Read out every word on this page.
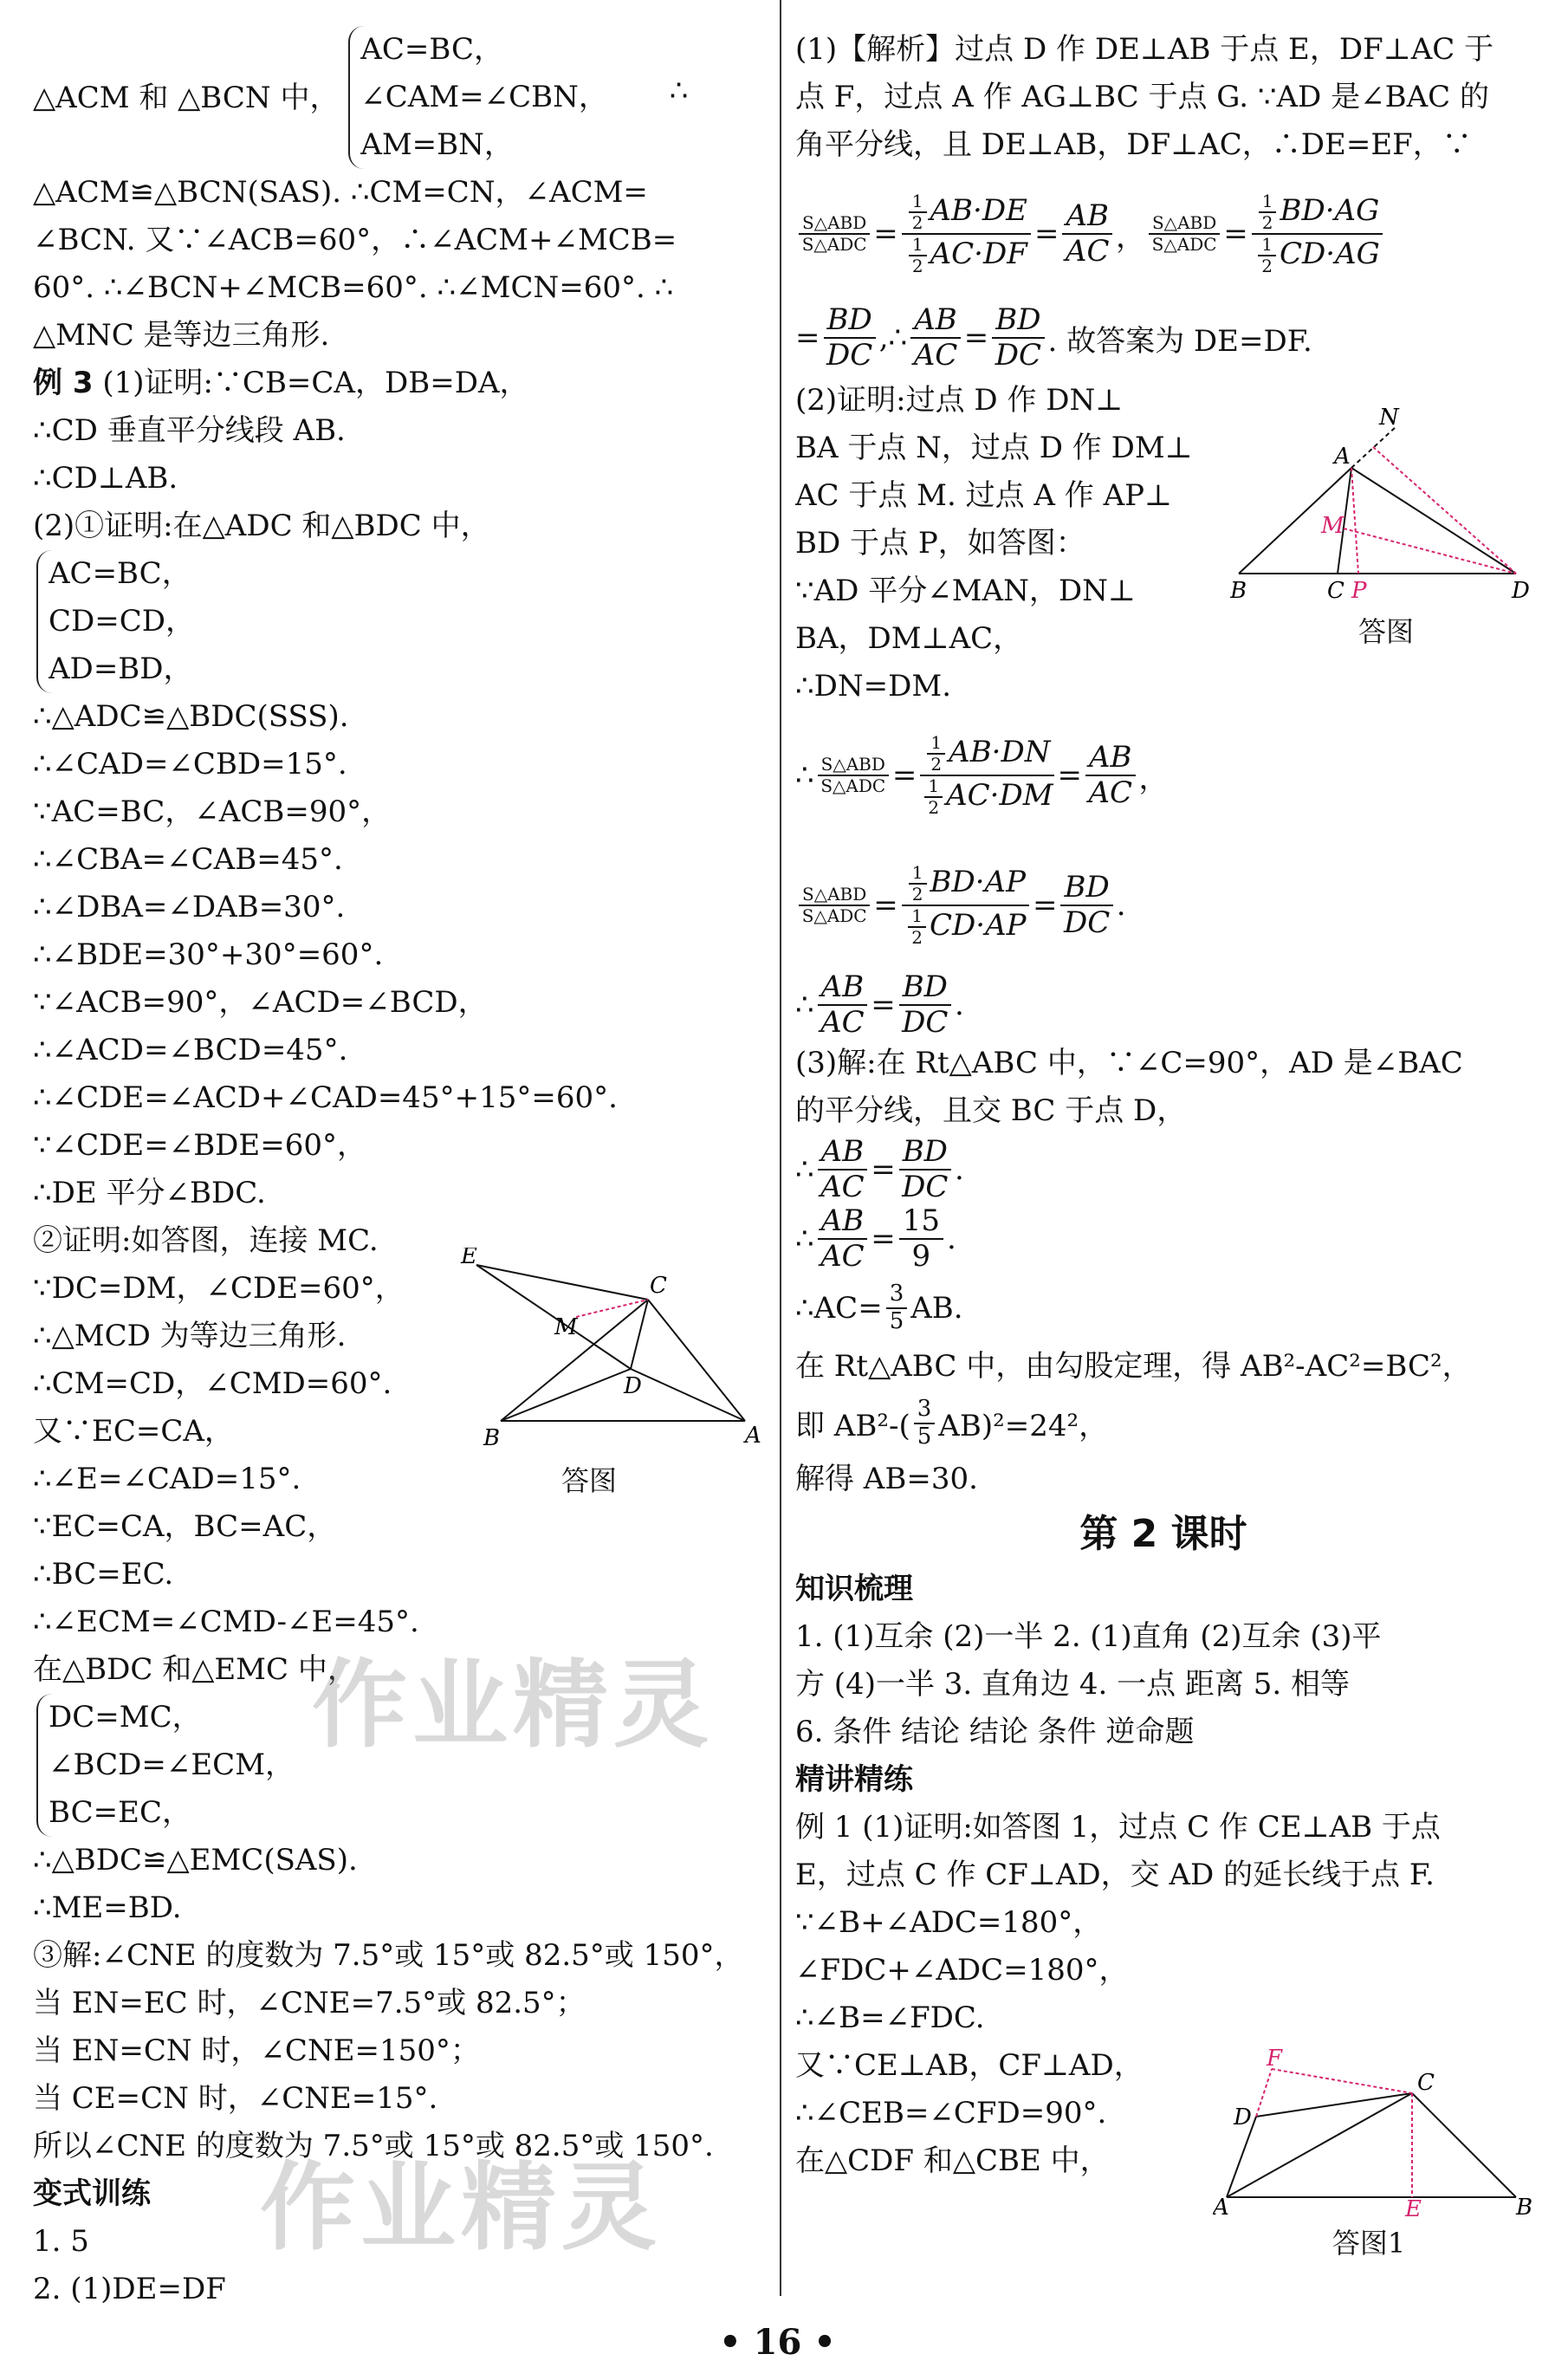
△ACM 和 △BCN 中，
AC=BC，
∠CAM=∠CBN，
AM=BN，
∴
△ACM≌△BCN(SAS). ∴CM=CN，∠ACM=
∠BCN. 又∵∠ACB=60°，∴∠ACM+∠MCB=
60°. ∴∠BCN+∠MCB=60°. ∴∠MCN=60°. ∴
△MNC 是等边三角形.
例 3 (1)证明:∵CB=CA，DB=DA，
∴CD 垂直平分线段 AB.
∴CD⊥AB.
(2)①证明:在△ADC 和△BDC 中，
AC=BC，
CD=CD，
AD=BD，
∴△ADC≌△BDC(SSS).
∴∠CAD=∠CBD=15°.
∵AC=BC，∠ACB=90°，
∴∠CBA=∠CAB=45°.
∴∠DBA=∠DAB=30°.
∴∠BDE=30°+30°=60°.
∵∠ACB=90°，∠ACD=∠BCD，
∴∠ACD=∠BCD=45°.
∴∠CDE=∠ACD+∠CAD=45°+15°=60°.
∵∠CDE=∠BDE=60°，
∴DE 平分∠BDC.
②证明:如答图，连接 MC.
∵DC=DM，∠CDE=60°，
∴△MCD 为等边三角形.
∴CM=CD，∠CMD=60°.
又∵EC=CA，
∴∠E=∠CAD=15°.
∵EC=CA，BC=AC，
∴BC=EC.
∴∠ECM=∠CMD-∠E=45°.
在△BDC 和△EMC 中，
DC=MC，
∠BCD=∠ECM，
BC=EC，
∴△BDC≌△EMC(SAS).
∴ME=BD.
③解:∠CNE 的度数为 7.5°或 15°或 82.5°或 150°，
当 EN=EC 时，∠CNE=7.5°或 82.5°；
当 EN=CN 时，∠CNE=150°；
当 CE=CN 时，∠CNE=15°.
所以∠CNE 的度数为 7.5°或 15°或 82.5°或 150°.
变式训练
1. 5
2. (1)DE=DF
E
C
M
D
B	A
答图
(1)【解析】过点 D 作 DE⊥AB 于点 E，DF⊥AC 于
点 F，过点 A 作 AG⊥BC 于点 G. ∵AD 是∠BAC 的
角平分线，且 DE⊥AB，DF⊥AC，∴DE=EF，∵
$\frac{\text{S△ABD}}{\text{S△ADC}} = \frac{\frac{1}{2} AB\cdot DE}{\frac{1}{2} AC\cdot DF} = \frac{AB}{AC}$ ， $\frac{\text{S△ABD}}{\text{S△ADC}} = \frac{\frac{1}{2} BD\cdot AG}{\frac{1}{2} CD\cdot AG}$
= $\frac{BD}{DC}$ ,∴ $\frac{AB}{AC} = \frac{BD}{DC}$ . 故答案为 DE=DF.
(2)证明:过点 D 作 DN⊥
BA 于点 N，过点 D 作 DM⊥
AC 于点 M. 过点 A 作 AP⊥
BD 于点 P，如答图：
∵AD 平分∠MAN，DN⊥
BA，DM⊥AC，
∴DN=DM.
∴ $\frac{\text{S△ABD}}{\text{S△ADC}} = \frac{\frac{1}{2} AB\cdot DN}{\frac{1}{2} AC\cdot DM} = \frac{AB}{AC}$ ，
$\frac{\text{S△ABD}}{\text{S△ADC}} = \frac{\frac{1}{2} BD\cdot AP}{\frac{1}{2} CD\cdot AP} = \frac{BD}{DC}$ .
∴ $\frac{AB}{AC} = \frac{BD}{DC}$ .
(3)解:在 Rt△ABC 中，∵∠C=90°，AD 是∠BAC
的平分线，且交 BC 于点 D，
∴ $\frac{AB}{AC} = \frac{BD}{DC}$ .
∴ $\frac{AB}{AC} = \frac{15}{9}$ .
∴AC= $\frac{3}{5}$ AB.
在 Rt△ABC 中，由勾股定理，得 AB²-AC²=BC²，
即 $AB^2-( \frac{3}{5} AB)^2=24^2$，
解得 AB=30.
第 2 课时
知识梳理
1. (1)互余 (2)一半 2. (1)直角 (2)互余 (3)平
方 (4)一半 3. 直角边 4. 一点 距离 5. 相等
6. 条件 结论 结论 条件 逆命题
精讲精练
例 1 (1)证明:如答图 1，过点 C 作 CE⊥AB 于点
E，过点 C 作 CF⊥AD，交 AD 的延长线于点 F.
∵∠B+∠ADC=180°，
∠FDC+∠ADC=180°，
∴∠B=∠FDC.
又∵CE⊥AB，CF⊥AD，
∴∠CEB=∠CFD=90°.
在△CDF 和△CBE 中，
N
A
M
B	C P	D
答图
F
C
D
A	E	B
答图1
作业精灵
作业精灵
• 16 •
